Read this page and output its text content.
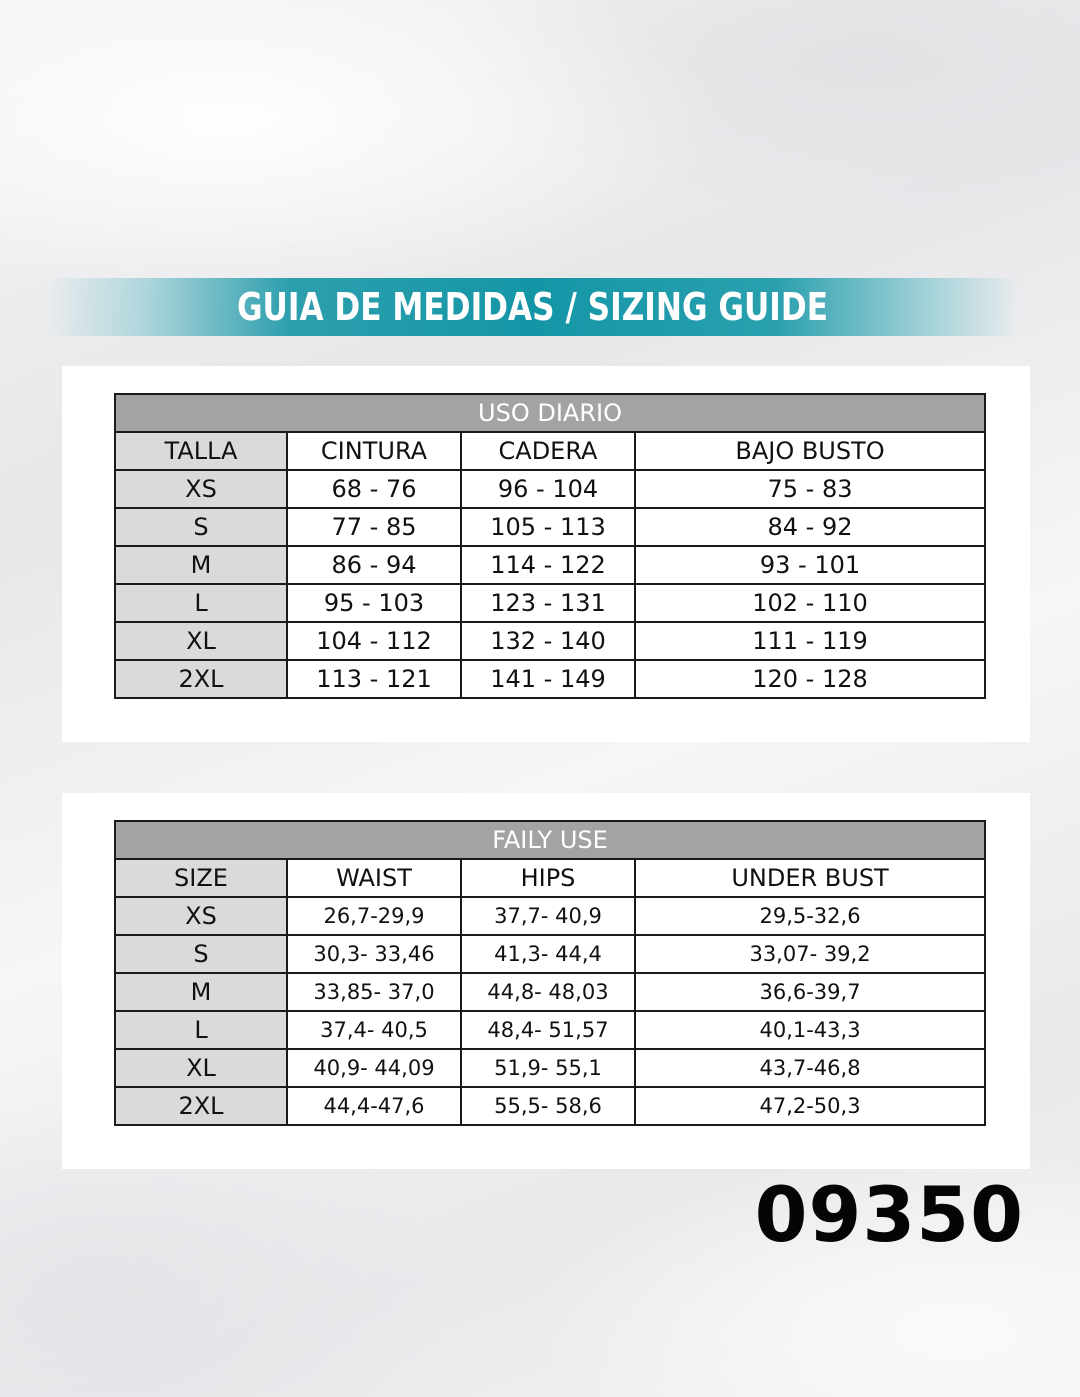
GUIA DE MEDIDAS / SIZING GUIDE
USO DIARIO			
TALLA	CINTURA	CADERA	BAJO BUSTO
XS	68 - 76	96 - 104	75 - 83
S	77 - 85	105 - 113	84 - 92
M	86 - 94	114 - 122	93 - 101
L	95 - 103	123 - 131	102 - 110
XL	104 - 112	132 - 140	111 - 119
2XL	113 - 121	141 - 149	120 - 128
FAILY USE			
SIZE	WAIST	HIPS	UNDER BUST
XS	26,7-29,9	37,7- 40,9	29,5-32,6
S	30,3- 33,46	41,3- 44,4	33,07- 39,2
M	33,85- 37,0	44,8- 48,03	36,6-39,7
L	37,4- 40,5	48,4- 51,57	40,1-43,3
XL	40,9- 44,09	51,9- 55,1	43,7-46,8
2XL	44,4-47,6	55,5- 58,6	47,2-50,3
09350
